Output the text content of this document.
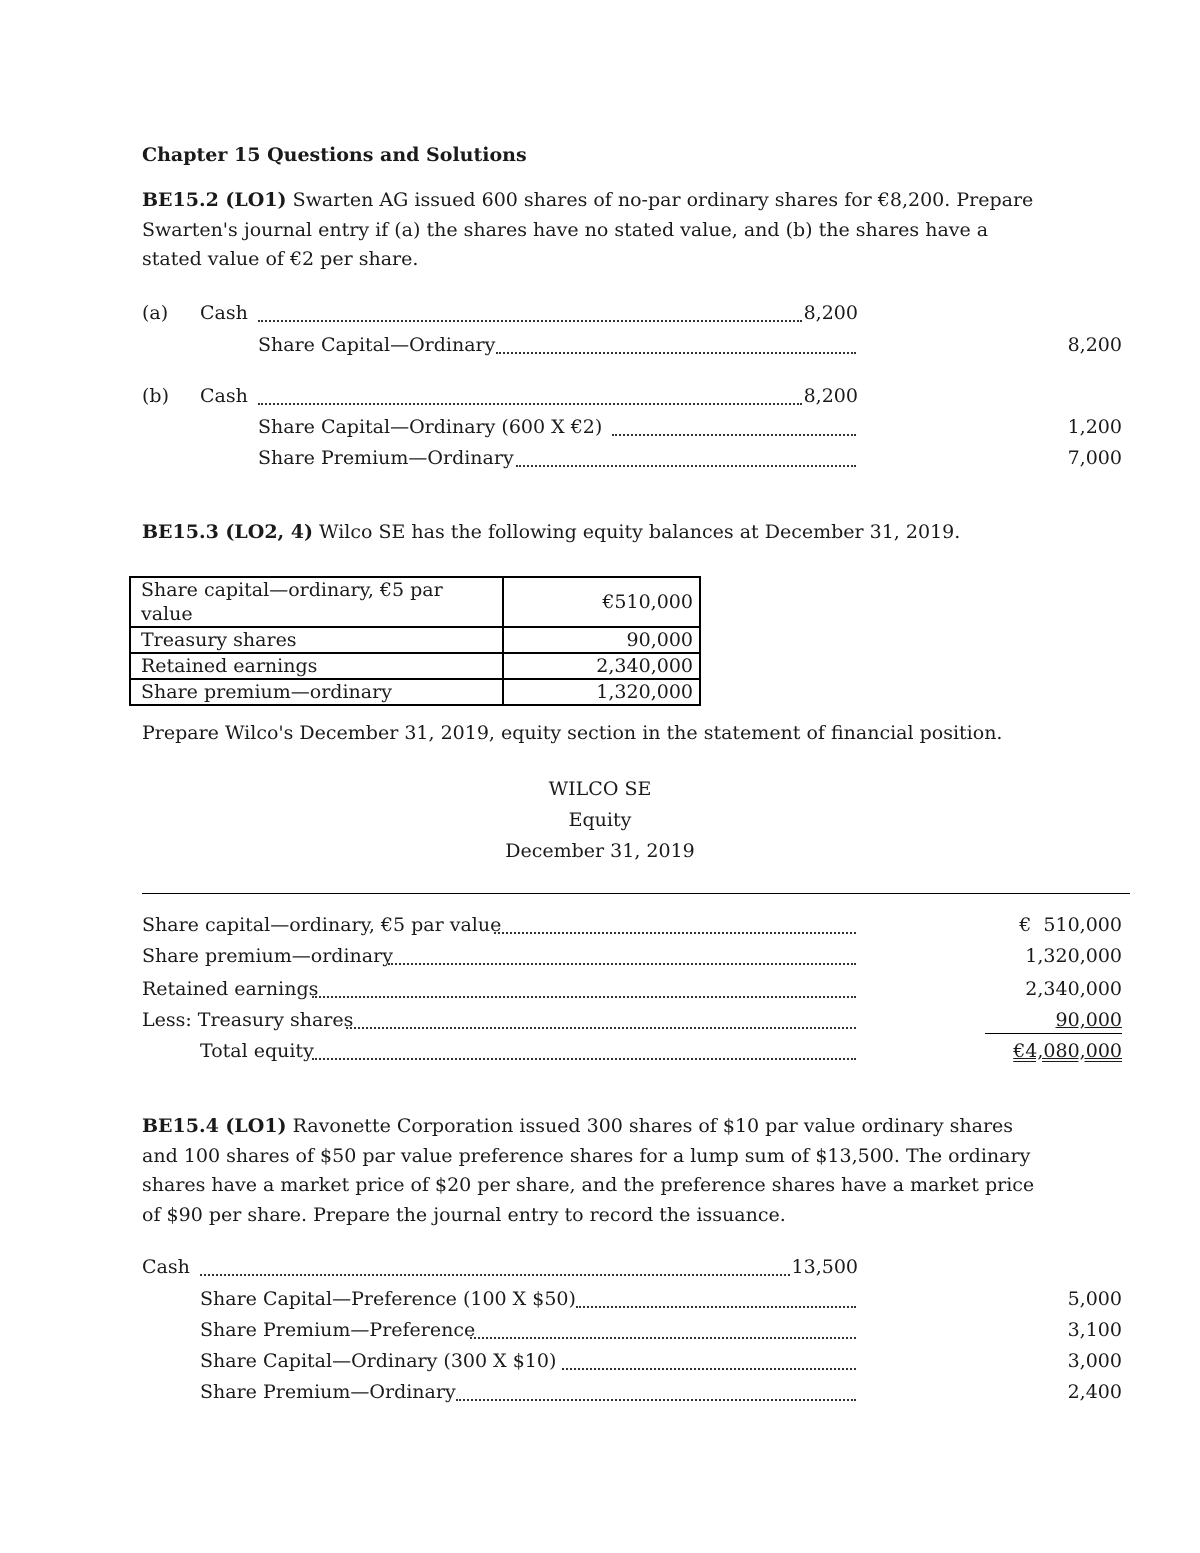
Chapter 15 Questions and Solutions
BE15.2 (LO1) Swarten AG issued 600 shares of no-par ordinary shares for €8,200. Prepare Swarten's journal entry if (a) the shares have no stated value, and (b) the shares have a stated value of €2 per share.
(a) Cash	8,200
Share Capital—Ordinary	8,200
(b) Cash	8,200
Share Capital—Ordinary (600 X €2)	1,200
Share Premium—Ordinary	7,000
BE15.3 (LO2, 4) Wilco SE has the following equity balances at December 31, 2019.
Share capital—ordinary, €5 par value	€510,000
Treasury shares	90,000
Retained earnings	2,340,000
Share premium—ordinary	1,320,000
Prepare Wilco's December 31, 2019, equity section in the statement of financial position.
WILCO SE
Equity
December 31, 2019
Share capital—ordinary, €5 par value	€  510,000
Share premium—ordinary	1,320,000
Retained earnings	2,340,000
Less: Treasury shares	90,000
Total equity	€4,080,000
BE15.4 (LO1) Ravonette Corporation issued 300 shares of $10 par value ordinary shares and 100 shares of $50 par value preference shares for a lump sum of $13,500. The ordinary shares have a market price of $20 per share, and the preference shares have a market price of $90 per share. Prepare the journal entry to record the issuance.
Cash	13,500
Share Capital—Preference (100 X $50)	5,000
Share Premium—Preference	3,100
Share Capital—Ordinary (300 X $10)	3,000
Share Premium—Ordinary	2,400
